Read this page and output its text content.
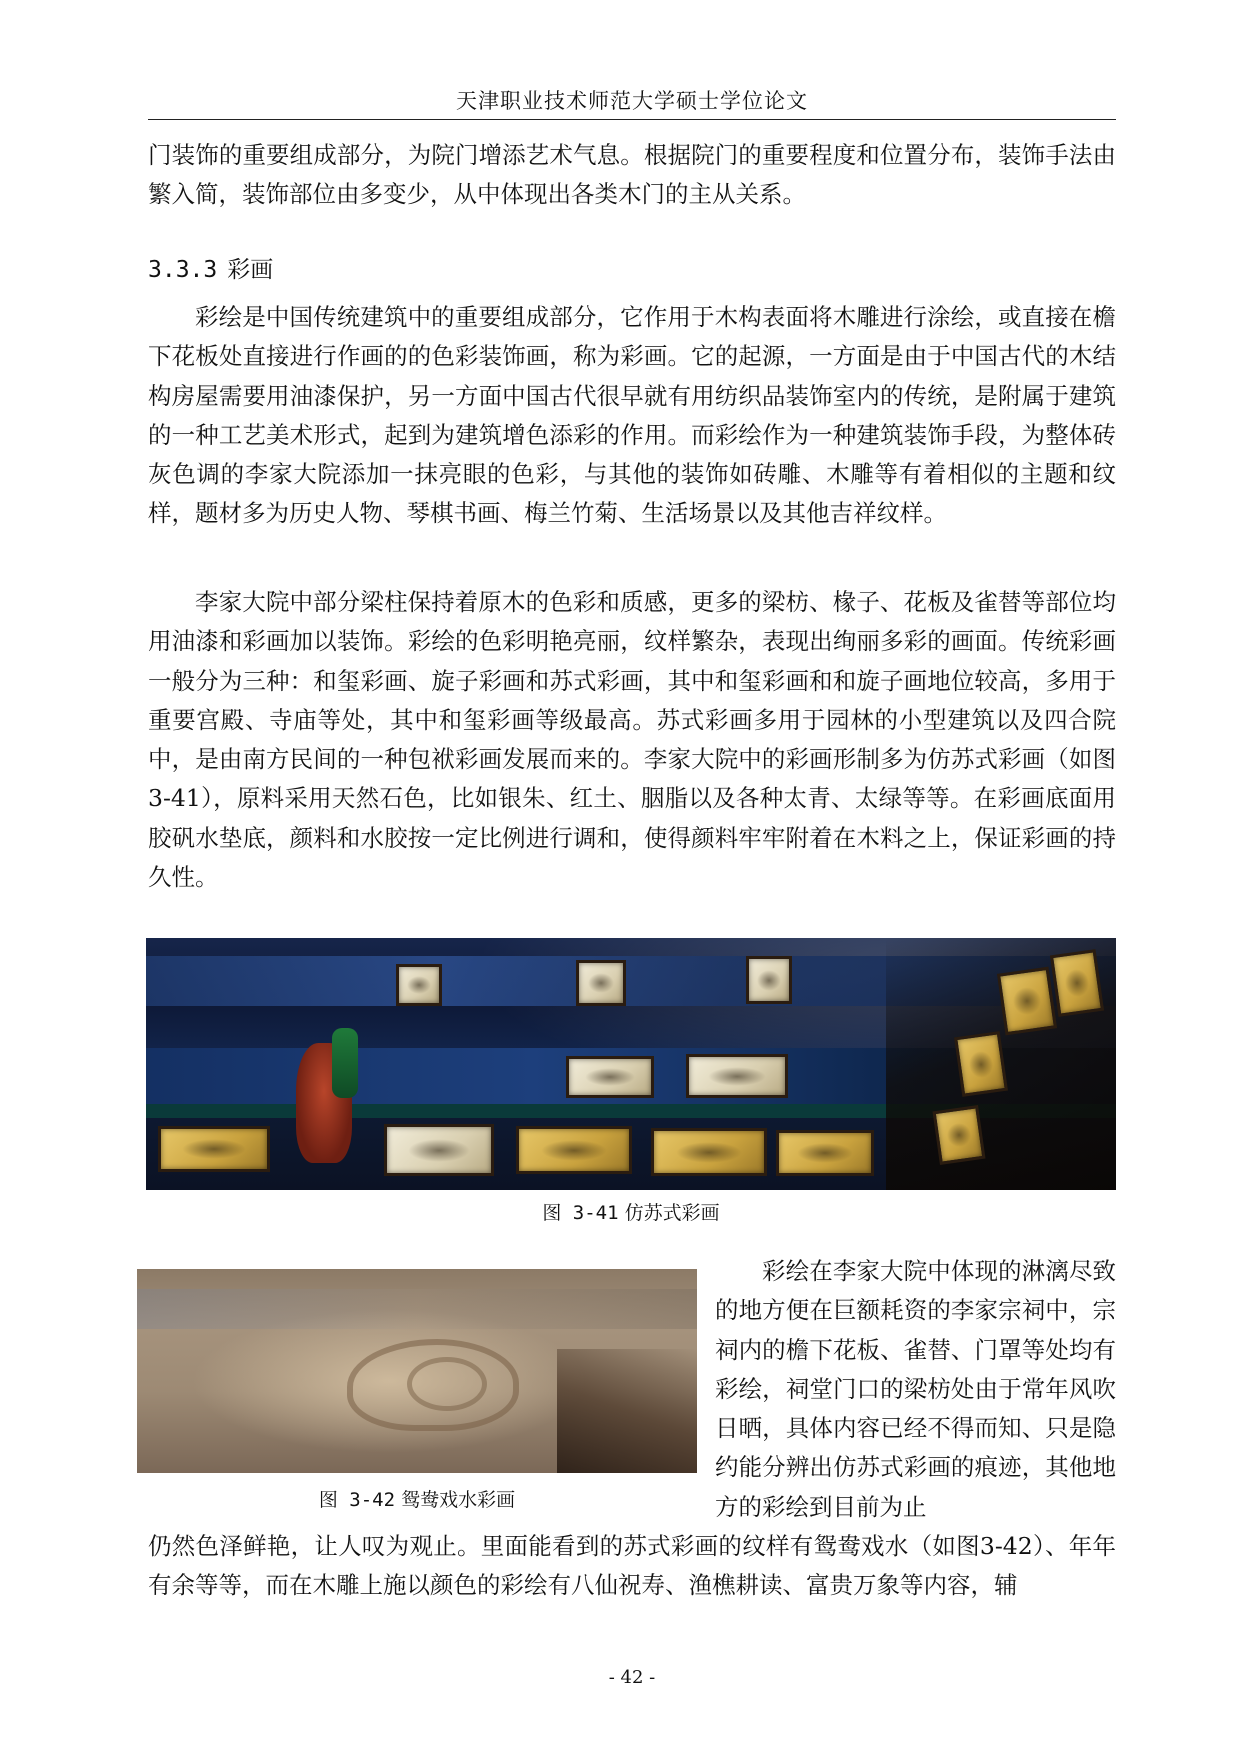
天津职业技术师范大学硕士学位论文

门装饰的重要组成部分，为院门增添艺术气息。根据院门的重要程度和位置分布，装饰手法由繁入简，装饰部位由多变少，从中体现出各类木门的主从关系。

3.3.3 彩画

彩绘是中国传统建筑中的重要组成部分，它作用于木构表面将木雕进行涂绘，或直接在檐下花板处直接进行作画的的色彩装饰画，称为彩画。它的起源，一方面是由于中国古代的木结构房屋需要用油漆保护，另一方面中国古代很早就有用纺织品装饰室内的传统，是附属于建筑的一种工艺美术形式，起到为建筑增色添彩的作用。而彩绘作为一种建筑装饰手段，为整体砖灰色调的李家大院添加一抹亮眼的色彩，与其他的装饰如砖雕、木雕等有着相似的主题和纹样，题材多为历史人物、琴棋书画、梅兰竹菊、生活场景以及其他吉祥纹样。

李家大院中部分梁柱保持着原木的色彩和质感，更多的梁枋、椽子、花板及雀替等部位均用油漆和彩画加以装饰。彩绘的色彩明艳亮丽，纹样繁杂，表现出绚丽多彩的画面。传统彩画一般分为三种：和玺彩画、旋子彩画和苏式彩画，其中和玺彩画和和旋子画地位较高，多用于重要宫殿、寺庙等处，其中和玺彩画等级最高。苏式彩画多用于园林的小型建筑以及四合院中，是由南方民间的一种包袱彩画发展而来的。李家大院中的彩画形制多为仿苏式彩画（如图3-41），原料采用天然石色，比如银朱、红土、胭脂以及各种太青、太绿等等。在彩画底面用胶矾水垫底，颜料和水胶按一定比例进行调和，使得颜料牢牢附着在木料之上，保证彩画的持久性。

图 3-41 仿苏式彩画
图 3-42 鸳鸯戏水彩画

彩绘在李家大院中体现的淋漓尽致的地方便在巨额耗资的李家宗祠中，宗祠内的檐下花板、雀替、门罩等处均有彩绘，祠堂门口的梁枋处由于常年风吹日晒，具体内容已经不得而知、只是隐约能分辨出仿苏式彩画的痕迹，其他地方的彩绘到目前为止

仍然色泽鲜艳，让人叹为观止。里面能看到的苏式彩画的纹样有鸳鸯戏水（如图3-42）、年年有余等等，而在木雕上施以颜色的彩绘有八仙祝寿、渔樵耕读、富贵万象等内容，辅

- 42 -
